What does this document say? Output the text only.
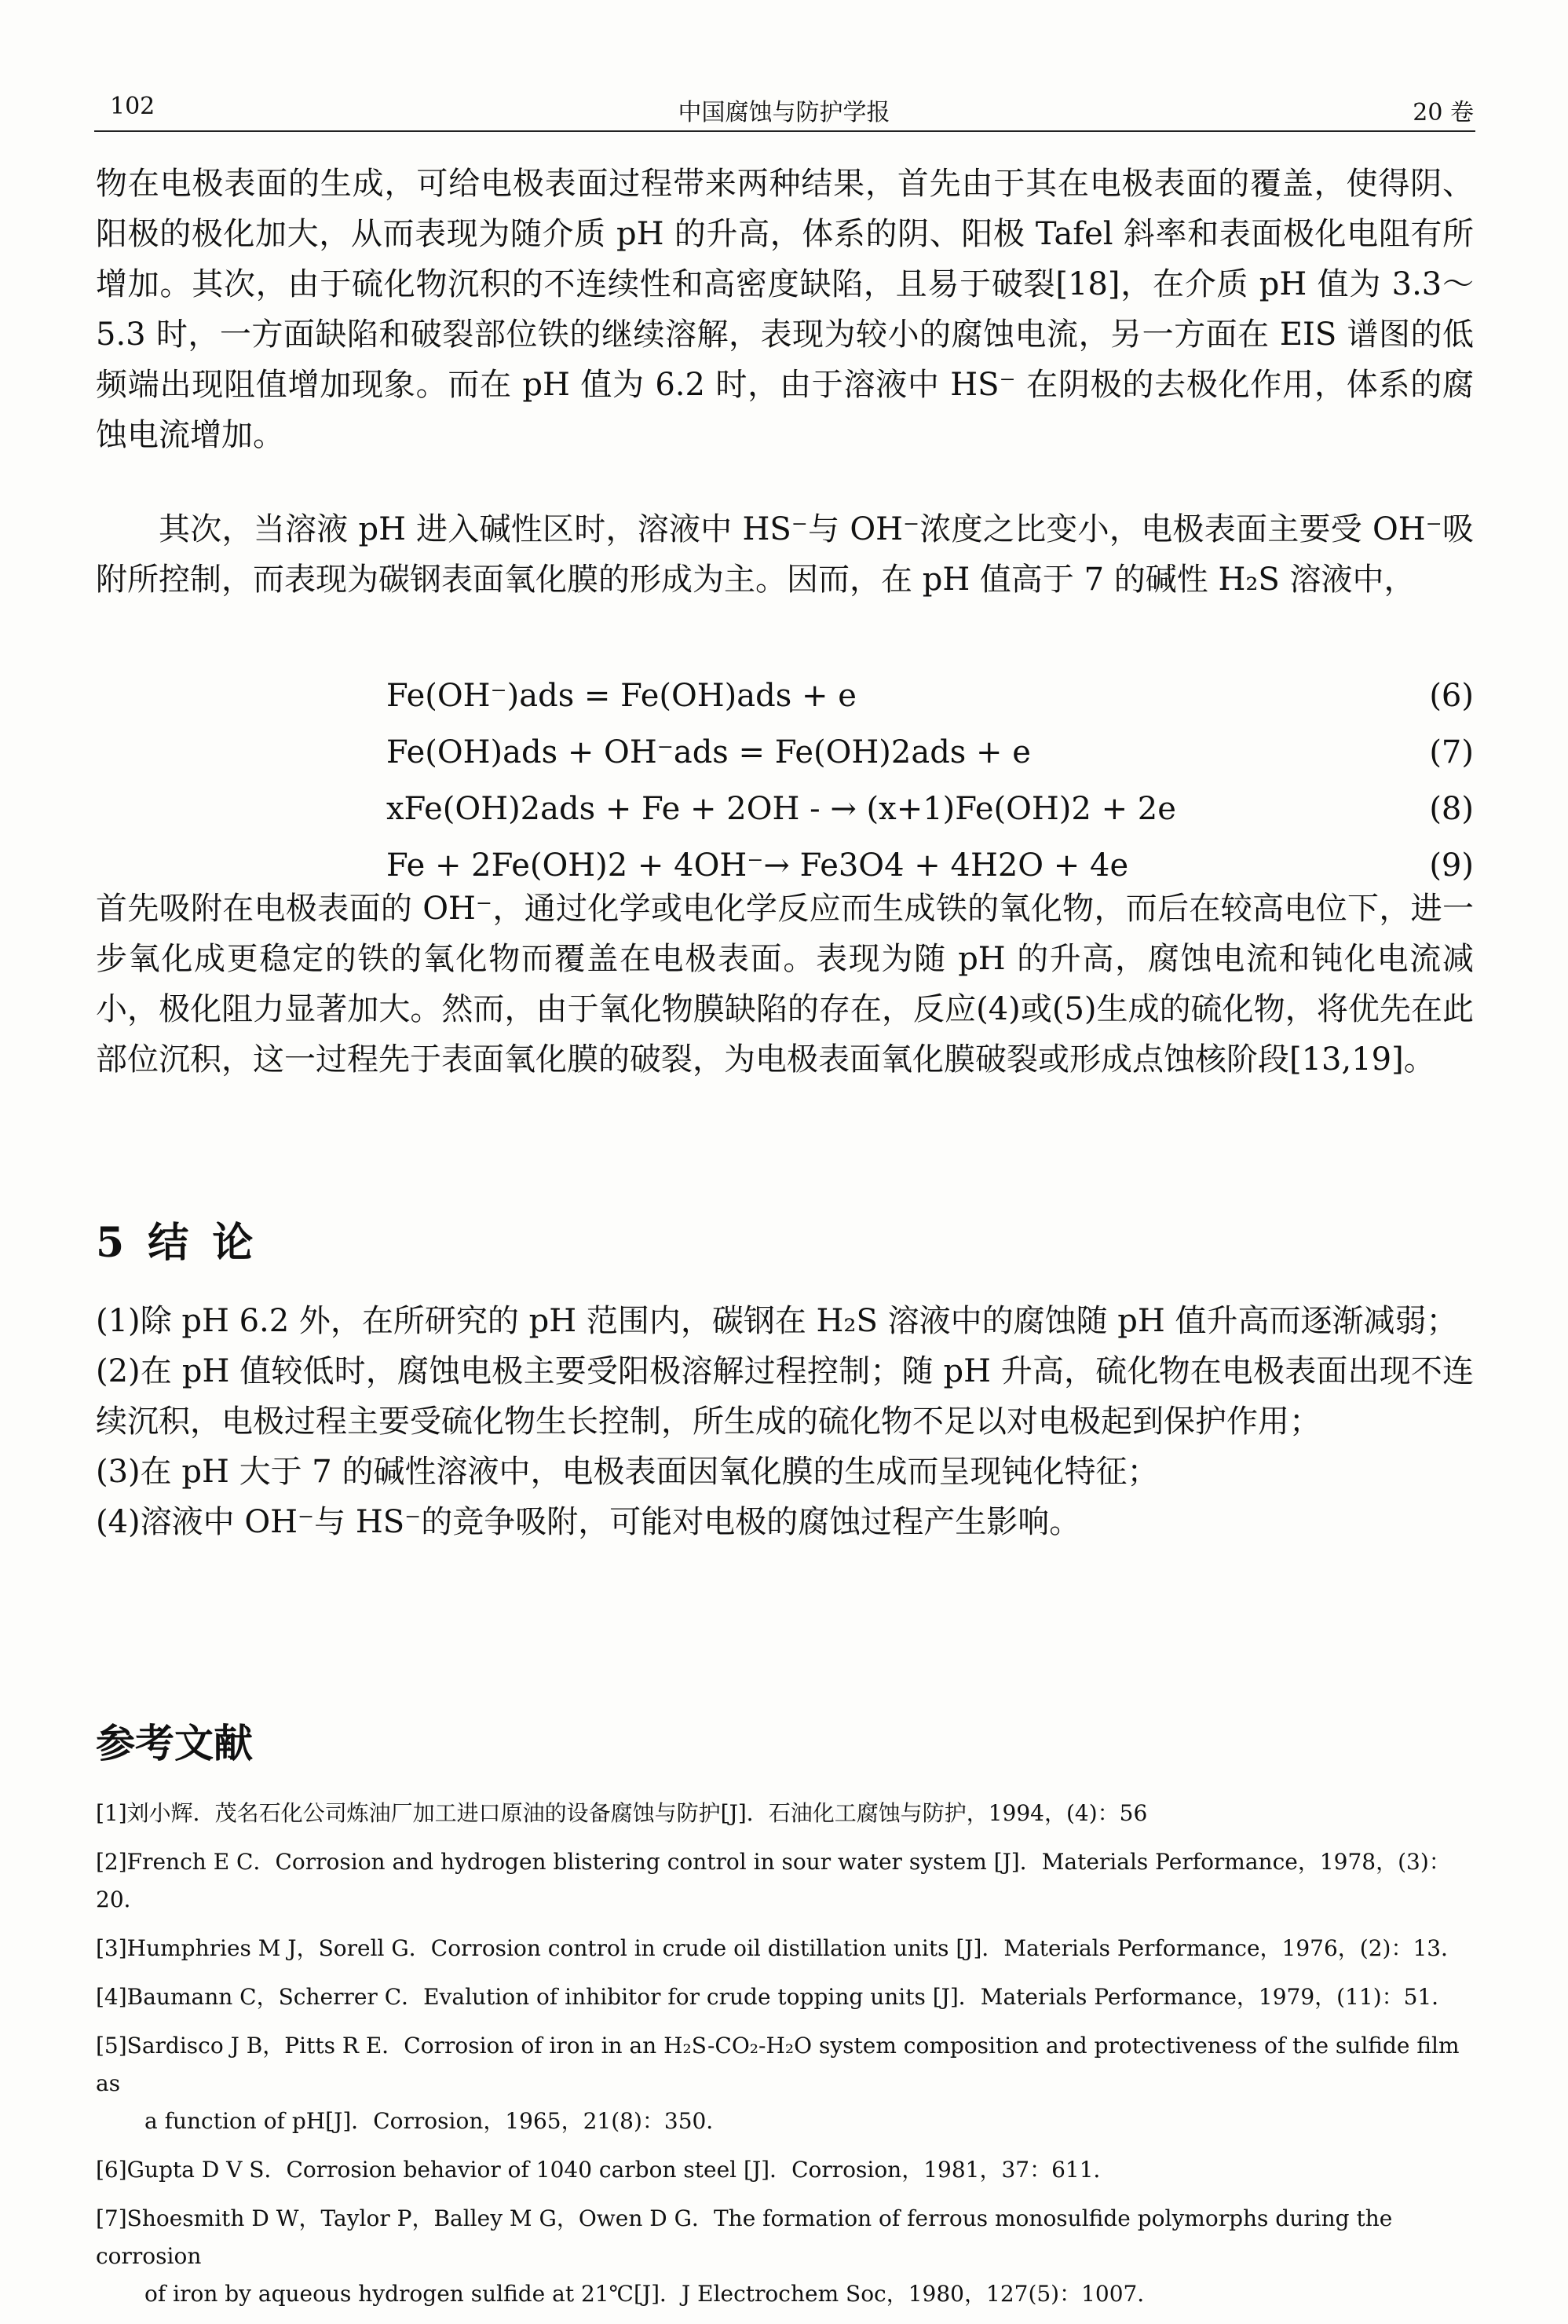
102	中国腐蚀与防护学报	20 卷

物在电极表面的生成，可给电极表面过程带来两种结果，首先由于其在电极表面的覆盖，使得阴、阳极的极化加大，从而表现为随介质 pH 的升高，体系的阴、阳极 Tafel 斜率和表面极化电阻有所增加。其次，由于硫化物沉积的不连续性和高密度缺陷，且易于破裂[18]，在介质 pH 值为 3.3～5.3 时，一方面缺陷和破裂部位铁的继续溶解，表现为较小的腐蚀电流，另一方面在 EIS 谱图的低频端出现阻值增加现象。而在 pH 值为 6.2 时，由于溶液中 HS⁻ 在阴极的去极化作用，体系的腐蚀电流增加。

其次，当溶液 pH 进入碱性区时，溶液中 HS⁻与 OH⁻浓度之比变小，电极表面主要受 OH⁻吸附所控制，而表现为碳钢表面氧化膜的形成为主。因而，在 pH 值高于 7 的碱性 H₂S 溶液中，

Fe(OH⁻)ads = Fe(OH)ads + e	(6)
Fe(OH)ads + OH⁻ads = Fe(OH)2ads + e	(7)
xFe(OH)2ads + Fe + 2OH - → (x+1)Fe(OH)2 + 2e	(8)
Fe + 2Fe(OH)2 + 4OH⁻→ Fe3O4 + 4H2O + 4e	(9)

首先吸附在电极表面的 OH⁻，通过化学或电化学反应而生成铁的氧化物，而后在较高电位下，进一步氧化成更稳定的铁的氧化物而覆盖在电极表面。表现为随 pH 的升高，腐蚀电流和钝化电流减小，极化阻力显著加大。然而，由于氧化物膜缺陷的存在，反应(4)或(5)生成的硫化物，将优先在此部位沉积，这一过程先于表面氧化膜的破裂，为电极表面氧化膜破裂或形成点蚀核阶段[13,19]。

5 结 论

(1)除 pH 6.2 外，在所研究的 pH 范围内，碳钢在 H₂S 溶液中的腐蚀随 pH 值升高而逐渐减弱；

(2)在 pH 值较低时，腐蚀电极主要受阳极溶解过程控制；随 pH 升高，硫化物在电极表面出现不连续沉积，电极过程主要受硫化物生长控制，所生成的硫化物不足以对电极起到保护作用；

(3)在 pH 大于 7 的碱性溶液中，电极表面因氧化膜的生成而呈现钝化特征；

(4)溶液中 OH⁻与 HS⁻的竞争吸附，可能对电极的腐蚀过程产生影响。

参考文献
[1]刘小辉．茂名石化公司炼油厂加工进口原油的设备腐蚀与防护[J]．石油化工腐蚀与防护，1994，(4)：56
[2]French E C．Corrosion and hydrogen blistering control in sour water system [J]．Materials Performance，1978，(3)：20．
[3]Humphries M J，Sorell G．Corrosion control in crude oil distillation units [J]．Materials Performance，1976，(2)：13．
[4]Baumann C，Scherrer C．Evalution of inhibitor for crude topping units [J]．Materials Performance，1979，(11)：51．
[5]Sardisco J B，Pitts R E．Corrosion of iron in an H₂S-CO₂-H₂O system composition and protectiveness of the sulfide film as
a function of pH[J]．Corrosion，1965，21(8)：350．
[6]Gupta D V S．Corrosion behavior of 1040 carbon steel [J]．Corrosion，1981，37：611．
[7]Shoesmith D W，Taylor P，Balley M G，Owen D G．The formation of ferrous monosulfide polymorphs during the corrosion
of iron by aqueous hydrogen sulfide at 21℃[J]．J Electrochem Soc，1980，127(5)：1007．
